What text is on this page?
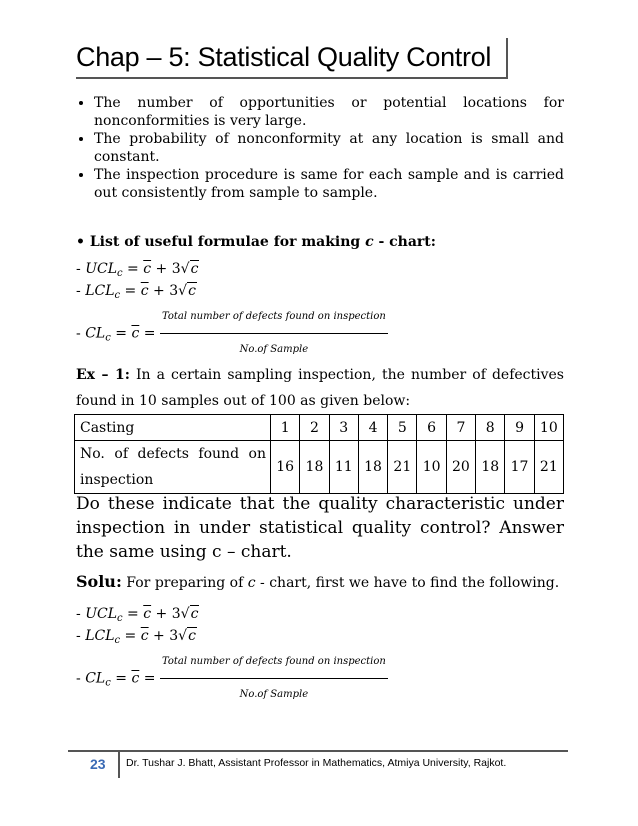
Chap – 5: Statistical Quality Control
• The number of opportunities or potential locations for nonconformities is very large.
• The probability of nonconformity at any location is small and constant.
• The inspection procedure is same for each sample and is carried out consistently from sample to sample.
• List of useful formulae for making c - chart:
- $UCL_c = \overline{c} + 3√c$
- $LCL_c = \overline{c} + 3√c$
- $CL_c = \overline{c} = \frac{\text{Total number of defects found on inspection}}{\text{No.of Sample}}$
Ex – 1: In a certain sampling inspection, the number of defectives found in 10 samples out of 100 as given below:
Casting	1	2	3	4	5	6	7	8	9	10

No. of defects found on inspection	16	18	11	18	21	10	20	18	17	21
Do these indicate that the quality characteristic under inspection in under statistical quality control? Answer the same using c – chart.
Solu: For preparing of c - chart, first we have to find the following.
- $UCL_c = \overline{c} + 3√c$
- $LCL_c = \overline{c} + 3√c$
- $CL_c = \overline{c} = \frac{\text{Total number of defects found on inspection}}{\text{No.of Sample}}$
23 Dr. Tushar J. Bhatt, Assistant Professor in Mathematics, Atmiya University, Rajkot.
